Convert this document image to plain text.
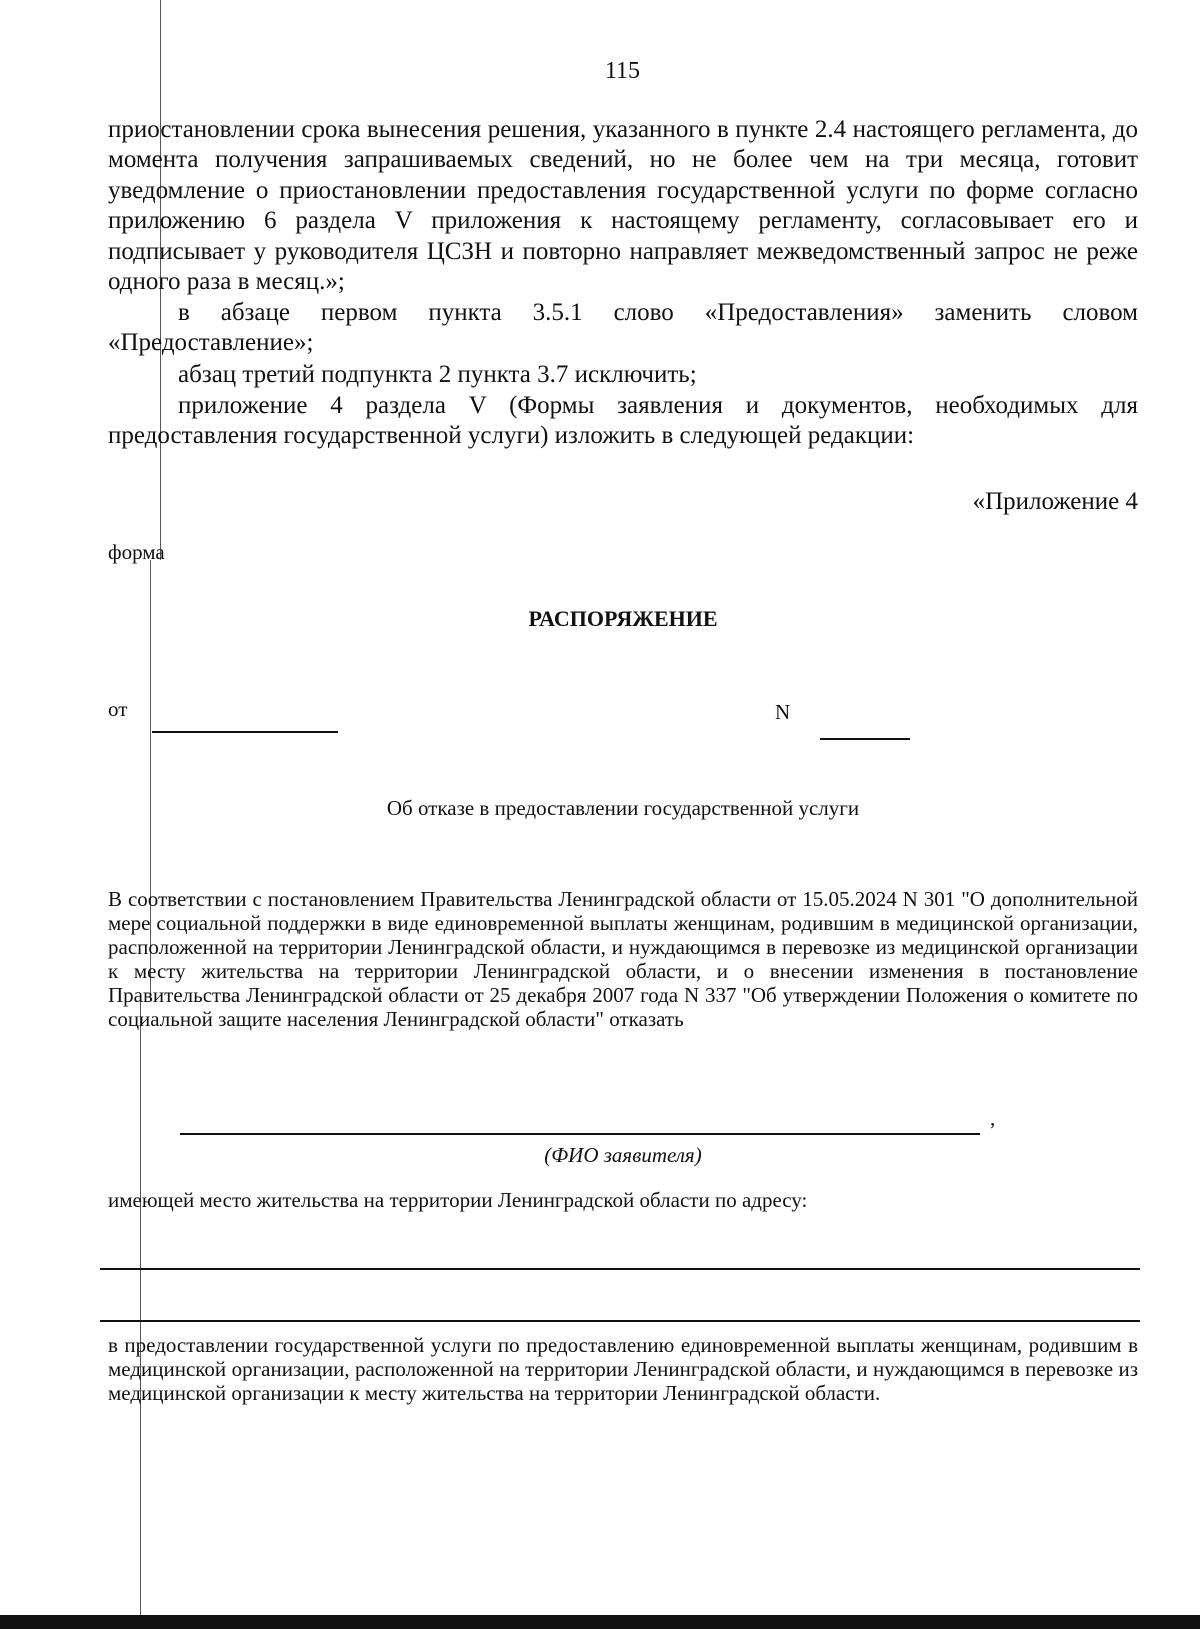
115
приостановлении срока вынесения решения, указанного в пункте 2.4 настоящего регламента, до момента получения запрашиваемых сведений, но не более чем на три месяца, готовит уведомление о приостановлении предоставления государственной услуги по форме согласно приложению 6 раздела V приложения к настоящему регламенту, согласовывает его и подписывает у руководителя ЦСЗН и повторно направляет межведомственный запрос не реже одного раза в месяц.»;
в абзаце первом пункта 3.5.1 слово «Предоставления» заменить словом «Предоставление»;
абзац третий подпункта 2 пункта 3.7 исключить;
приложение 4 раздела V (Формы заявления и документов, необходимых для предоставления государственной услуги) изложить в следующей редакции:
«Приложение 4
форма
РАСПОРЯЖЕНИЕ
от	N
Об отказе в предоставлении государственной услуги
В соответствии с постановлением Правительства Ленинградской области от 15.05.2024 N 301 "О дополнительной мере социальной поддержки в виде единовременной выплаты женщинам, родившим в медицинской организации, расположенной на территории Ленинградской области, и нуждающимся в перевозке из медицинской организации к месту жительства на территории Ленинградской области, и о внесении изменения в постановление Правительства Ленинградской области от 25 декабря 2007 года N 337 "Об утверждении Положения о комитете по социальной защите населения Ленинградской области" отказать
,
(ФИО заявителя)
имеющей место жительства на территории Ленинградской области по адресу:
в предоставлении государственной услуги по предоставлению единовременной выплаты женщинам, родившим в медицинской организации, расположенной на территории Ленинградской области, и нуждающимся в перевозке из медицинской организации к месту жительства на территории Ленинградской области.
